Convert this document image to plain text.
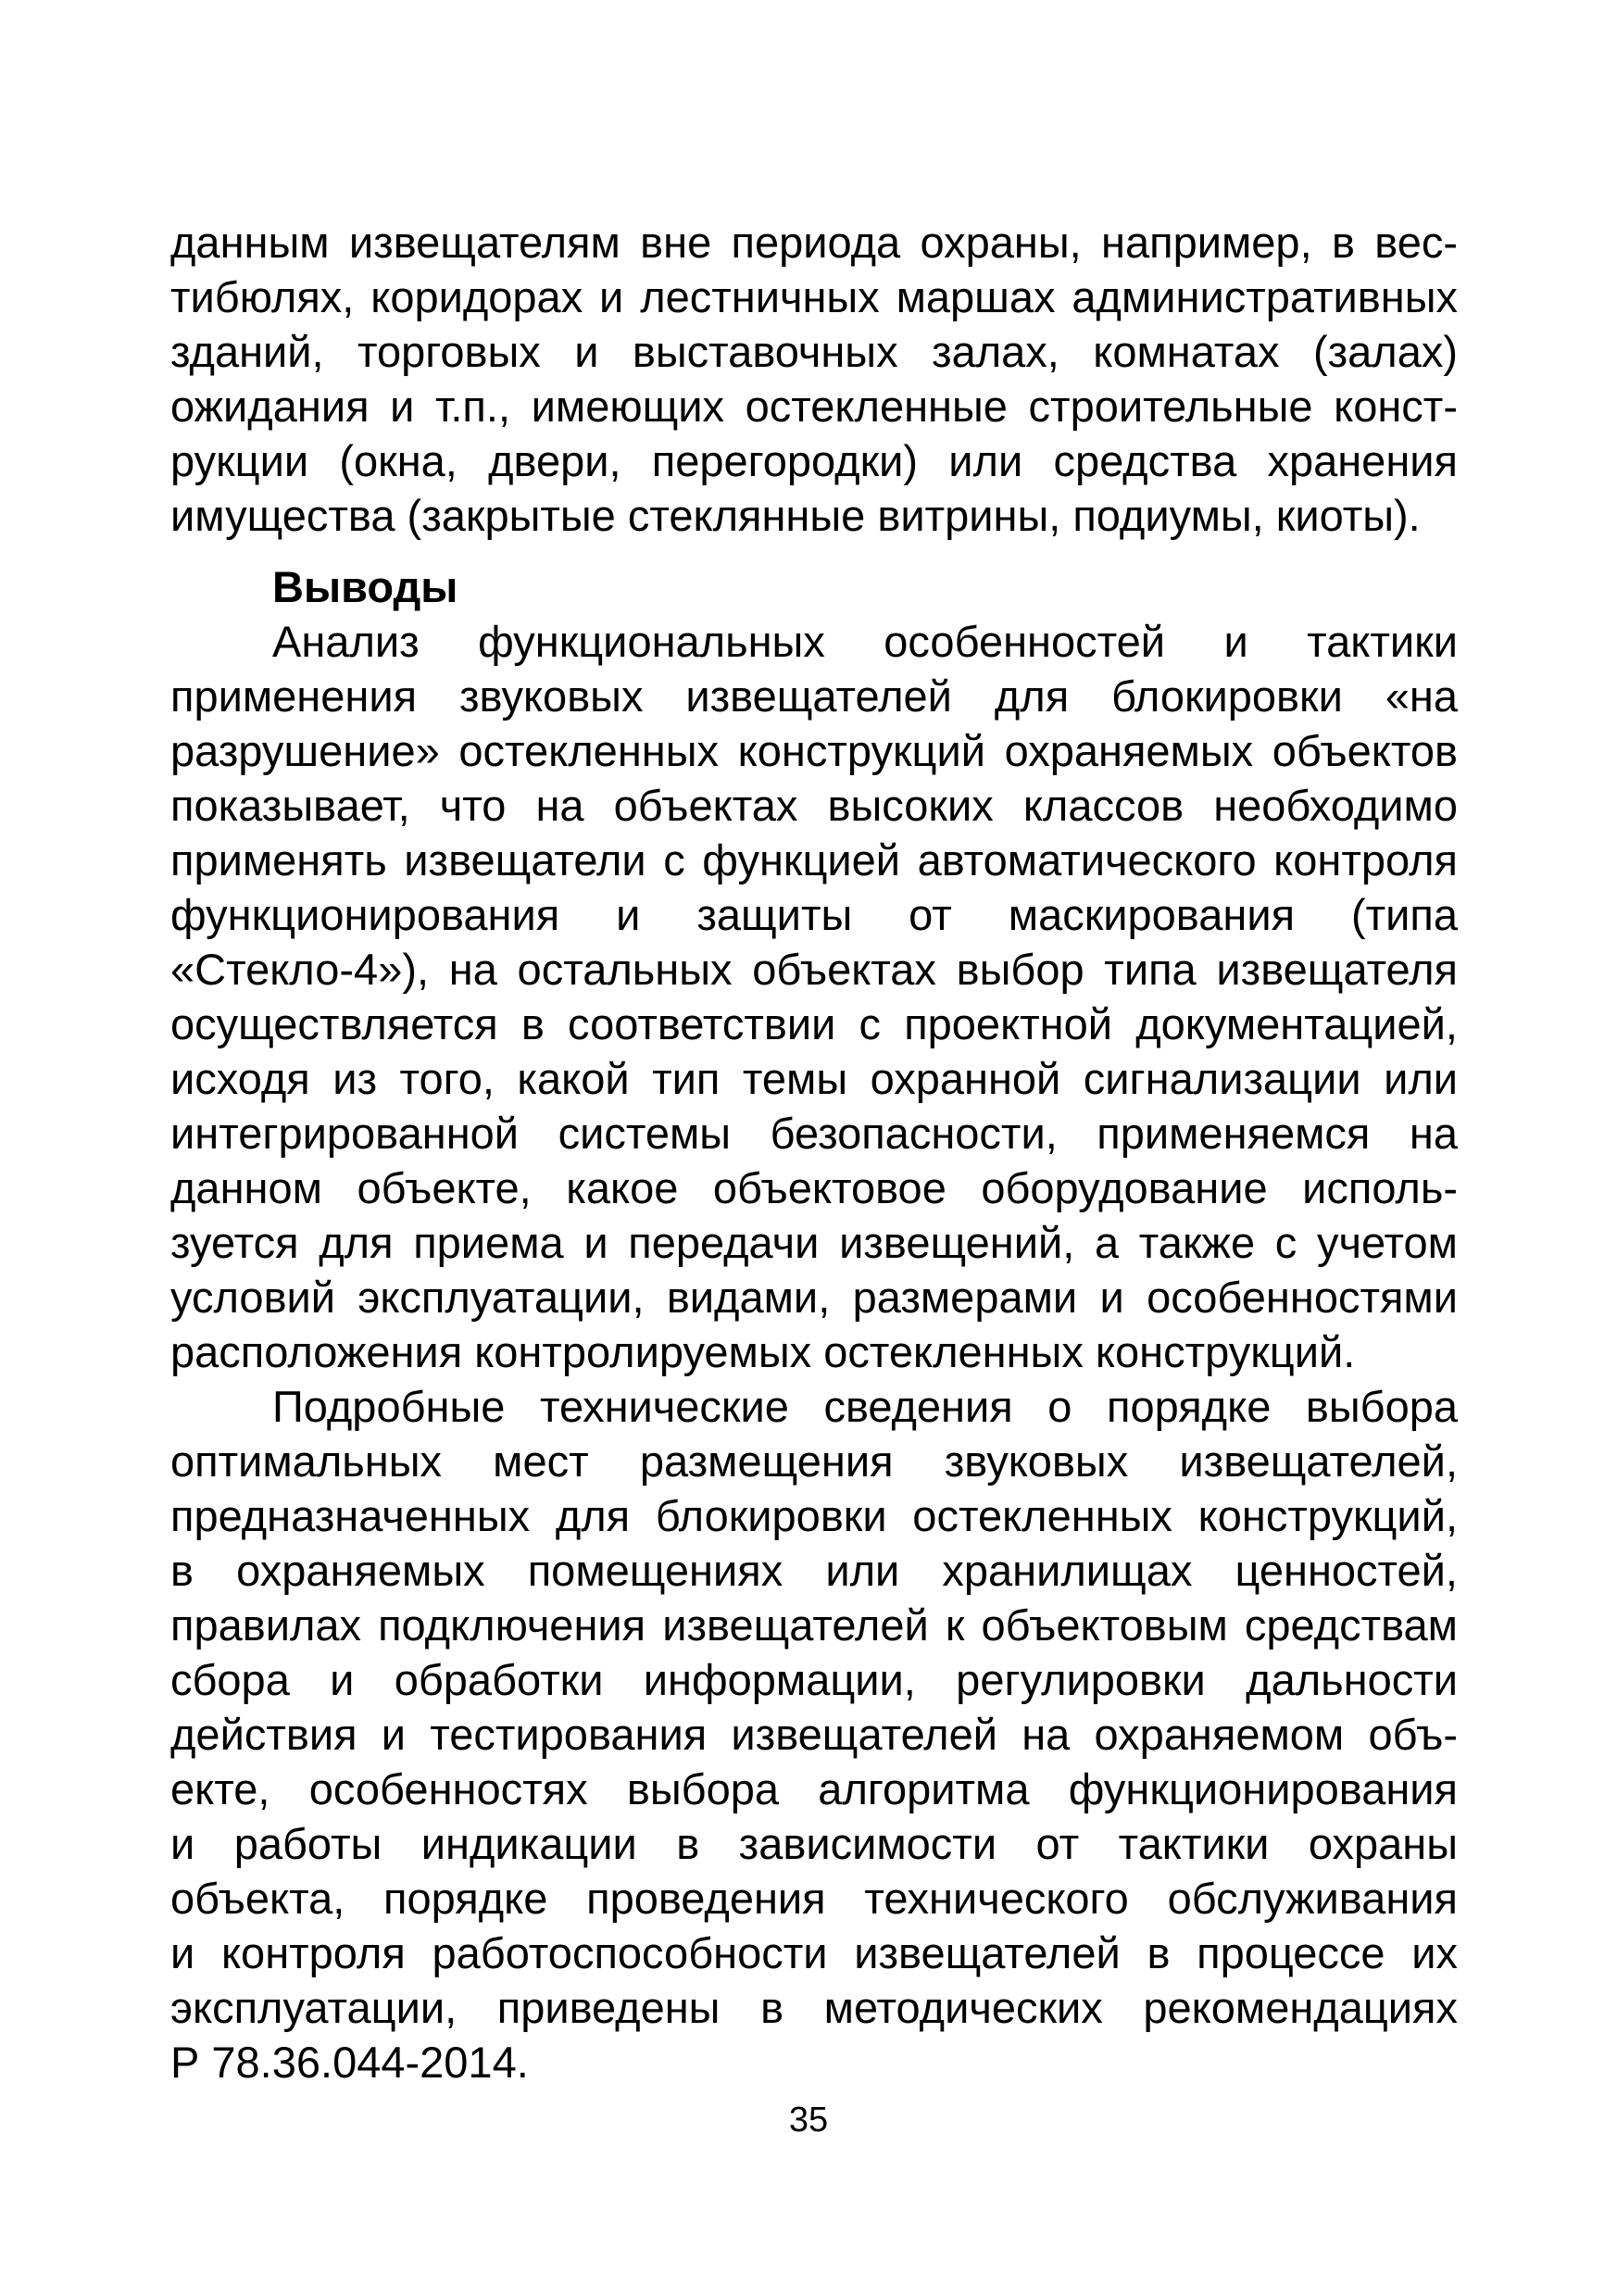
данным извещателям вне периода охраны, например, в вес-
тибюлях, коридорах и лестничных маршах административных
зданий, торговых и выставочных залах, комнатах (залах)
ожидания и т.п., имеющих остекленные строительные конст-
рукции (окна, двери, перегородки) или средства хранения
имущества (закрытые стеклянные витрины, подиумы, киоты).
Выводы
Анализ функциональных особенностей и тактики
применения звуковых извещателей для блокировки «на
разрушение» остекленных конструкций охраняемых объектов
показывает, что на объектах высоких классов необходимо
применять извещатели с функцией автоматического контроля
функционирования и защиты от маскирования (типа
«Стекло-4»), на остальных объектах выбор типа извещателя
осуществляется в соответствии с проектной документацией,
исходя из того, какой тип темы охранной сигнализации или
интегрированной системы безопасности, применяемся на
данном объекте, какое объектовое оборудование исполь-
зуется для приема и передачи извещений, а также с учетом
условий эксплуатации, видами, размерами и особенностями
расположения контролируемых остекленных конструкций.
Подробные технические сведения о порядке выбора
оптимальных мест размещения звуковых извещателей,
предназначенных для блокировки остекленных конструкций,
в охраняемых помещениях или хранилищах ценностей,
правилах подключения извещателей к объектовым средствам
сбора и обработки информации, регулировки дальности
действия и тестирования извещателей на охраняемом объ-
екте, особенностях выбора алгоритма функционирования
и работы индикации в зависимости от тактики охраны
объекта, порядке проведения технического обслуживания
и контроля работоспособности извещателей в процессе их
эксплуатации, приведены в методических рекомендациях
Р 78.36.044-2014.
35
